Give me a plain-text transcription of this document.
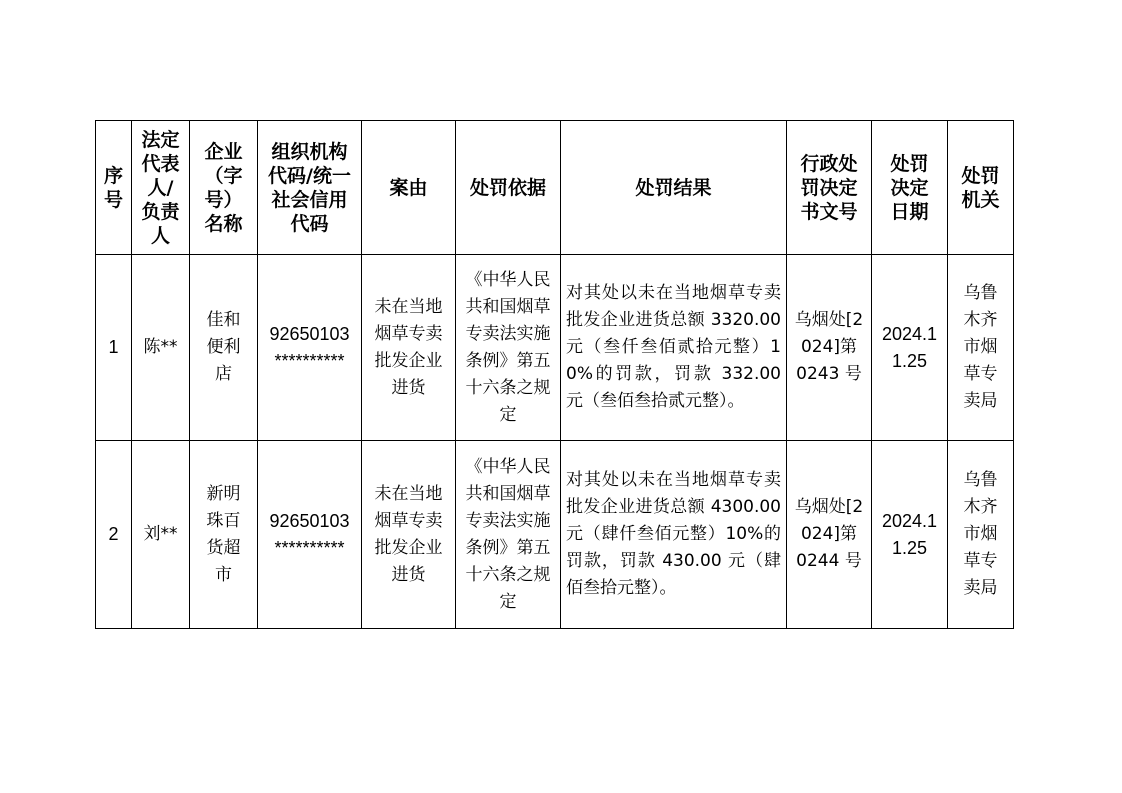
序号	法定代表人/负责人	企业（字号）名称	组织机构代码/统一社会信用代码	案由	处罚依据	处罚结果	行政处罚决定书文号	处罚决定日期	处罚机关

1	陈**	佳和便利店	92650103**********	未在当地烟草专卖批发企业进货	《中华人民共和国烟草专卖法实施条例》第五十六条之规定	对其处以未在当地烟草专卖批发企业进货总额 3320.00 元（叁仟叁佰贰拾元整）10%的罚款，罚款 332.00 元（叁佰叁拾贰元整）。	乌烟处[2024]第 0243 号	2024.11.25	乌鲁木齐市烟草专卖局

2	刘**	新明珠百货超市	92650103**********	未在当地烟草专卖批发企业进货	《中华人民共和国烟草专卖法实施条例》第五十六条之规定	对其处以未在当地烟草专卖批发企业进货总额 4300.00 元（肆仟叁佰元整）10%的罚款，罚款 430.00 元（肆佰叁拾元整）。	乌烟处[2024]第 0244 号	2024.11.25	乌鲁木齐市烟草专卖局
